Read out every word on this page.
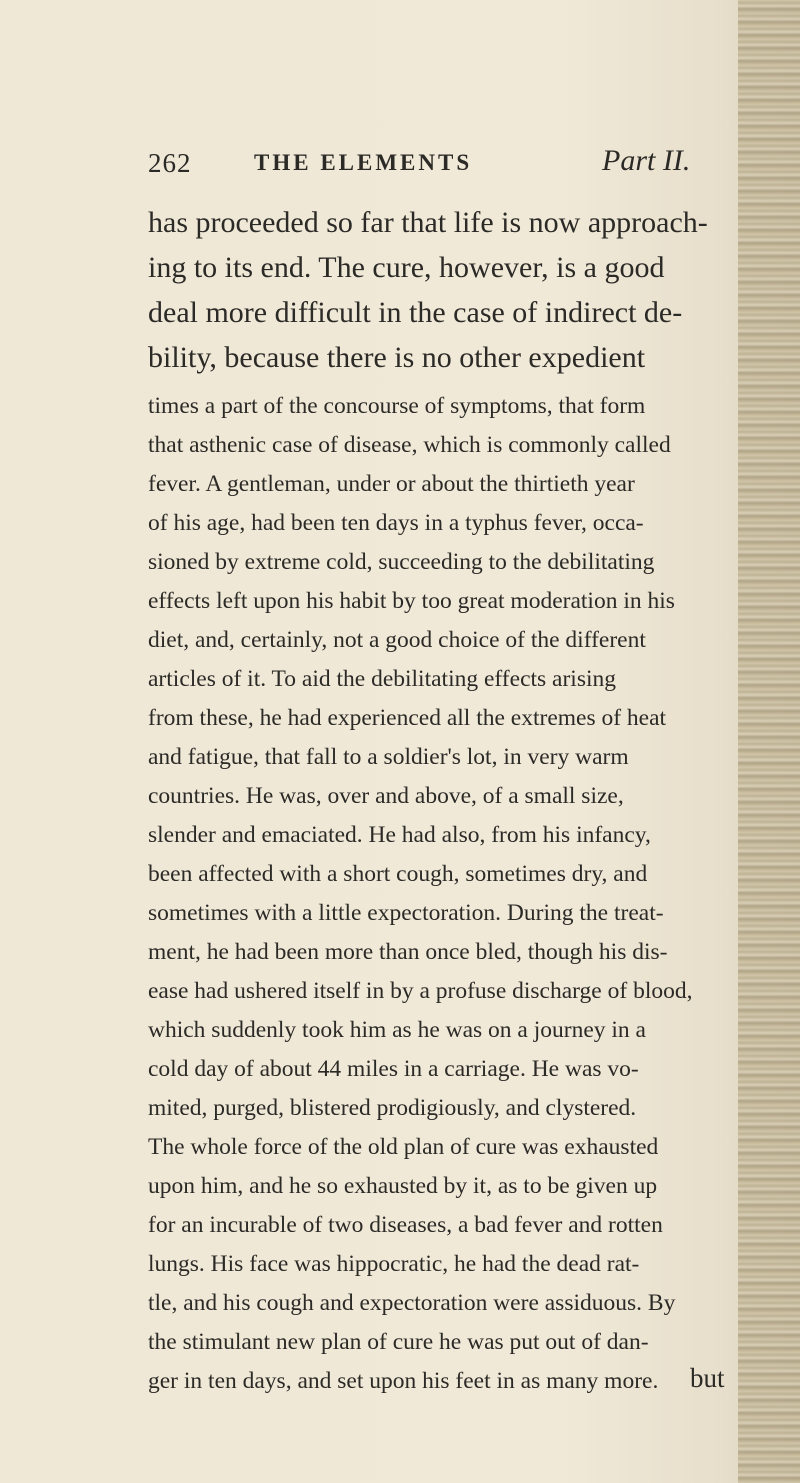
262	THE ELEMENTS	Part II.
has proceeded so far that life is now approach-
ing to its end. The cure, however, is a good
deal more difficult in the case of indirect de-
bility, because there is no other expedient
times a part of the concourse of symptoms, that form
that asthenic case of disease, which is commonly called
fever. A gentleman, under or about the thirtieth year
of his age, had been ten days in a typhus fever, occa-
sioned by extreme cold, succeeding to the debilitating
effects left upon his habit by too great moderation in his
diet, and, certainly, not a good choice of the different
articles of it. To aid the debilitating effects arising
from these, he had experienced all the extremes of heat
and fatigue, that fall to a soldier's lot, in very warm
countries. He was, over and above, of a small size,
slender and emaciated. He had also, from his infancy,
been affected with a short cough, sometimes dry, and
sometimes with a little expectoration. During the treat-
ment, he had been more than once bled, though his dis-
ease had ushered itself in by a profuse discharge of blood,
which suddenly took him as he was on a journey in a
cold day of about 44 miles in a carriage. He was vo-
mited, purged, blistered prodigiously, and clystered.
The whole force of the old plan of cure was exhausted
upon him, and he so exhausted by it, as to be given up
for an incurable of two diseases, a bad fever and rotten
lungs. His face was hippocratic, he had the dead rat-
tle, and his cough and expectoration were assiduous. By
the stimulant new plan of cure he was put out of dan-
ger in ten days, and set upon his feet in as many more.	but
